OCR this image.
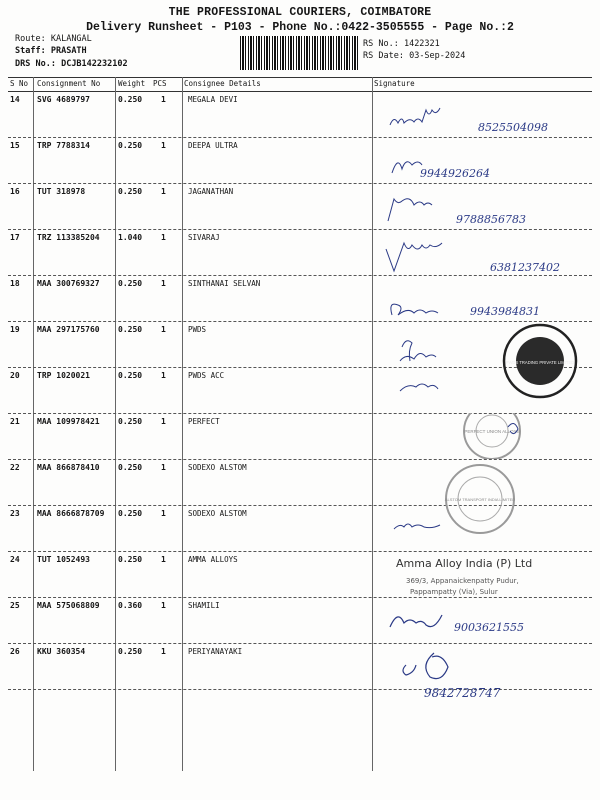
THE PROFESSIONAL COURIERS, COIMBATORE
Delivery Runsheet - P103 - Phone No.:0422-3505555 - Page No.:2
Route: KALANGAL
Staff: PRASATH
DRS No.: DCJB142232102
RS No.: 1422321
RS Date: 03-Sep-2024
S No Consignment No Weight PCS Consignee Details	Signature
14 SVG 4689797	0.250 1	MEGALA DEVI
15 TRP 7788314	0.250 1	DEEPA ULTRA
16 TUT 318978	0.250 1	JAGANATHAN
17 TRZ 113385204 1.040 1	SIVARAJ
18 MAA 300769327 0.250 1	SINTHANAI SELVAN
19 MAA 297175760 0.250 1	PWDS
20 TRP 1020021	0.250 1	PWDS ACC
21 MAA 109978421 0.250 1	PERFECT
22 MAA 866878410 0.250 1	SODEXO ALSTOM
23 MAA 8666878709 0.250 1	SODEXO ALSTOM
24 TUT 1052493	0.250 1	AMMA ALLOYS
25 MAA 575068809 0.360 1	SHAMILI
26 KKU 360354	0.250 1	PERIYANAYAKI
8525504098
9944926264
9788856783
6381237402
9943984831
PWDS TRADING PRIVATE LIMITED
PERFECT UNION ALLOYS
ALSTOM TRANSPORT INDIA LIMITED
Amma Alloy India (P) Ltd
369/3, Appanaickenpatty Pudur,
Pappampatty (Via), Sulur
9003621555
9842728747
